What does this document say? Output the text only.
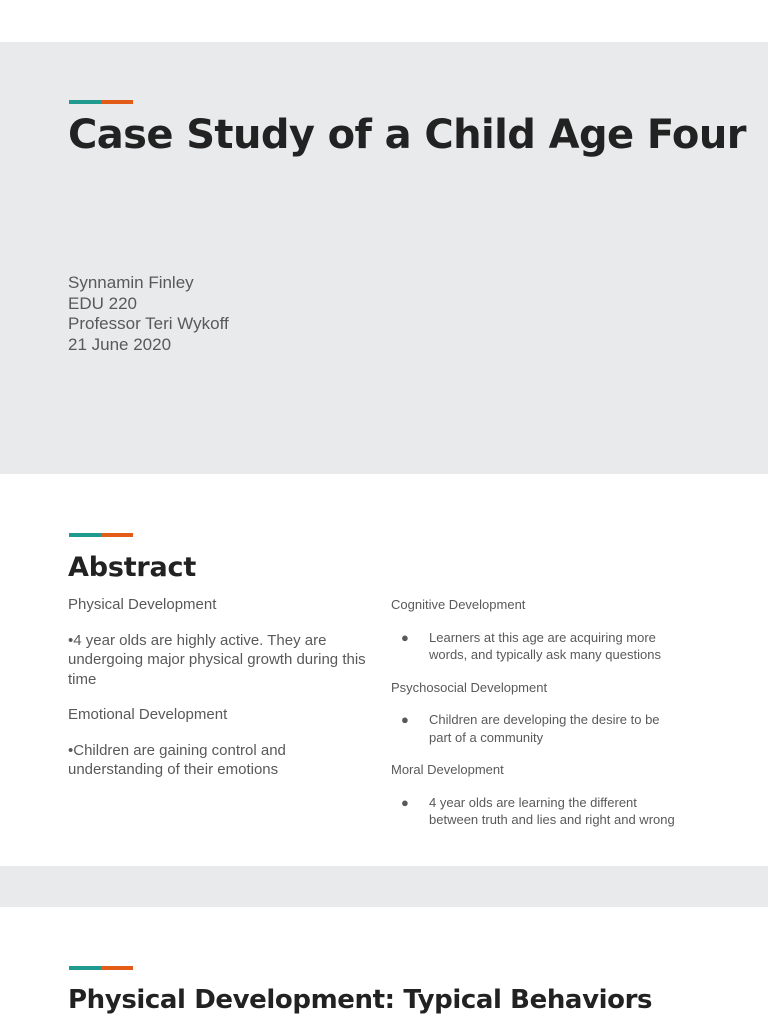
Case Study of a Child Age Four
Synnamin Finley
EDU 220
Professor Teri Wykoff
21 June 2020
Abstract

Physical Development

•4 year olds are highly active. They are undergoing major physical growth during this time

Emotional Development

•Children are gaining control and understanding of their emotions

Cognitive Development
● Learners at this age are acquiring more words, and typically ask many questions
Psychosocial Development
● Children are developing the desire to be part of a community
Moral Development
● 4 year olds are learning the different between truth and lies and right and wrong
Physical Development: Typical Behaviors
